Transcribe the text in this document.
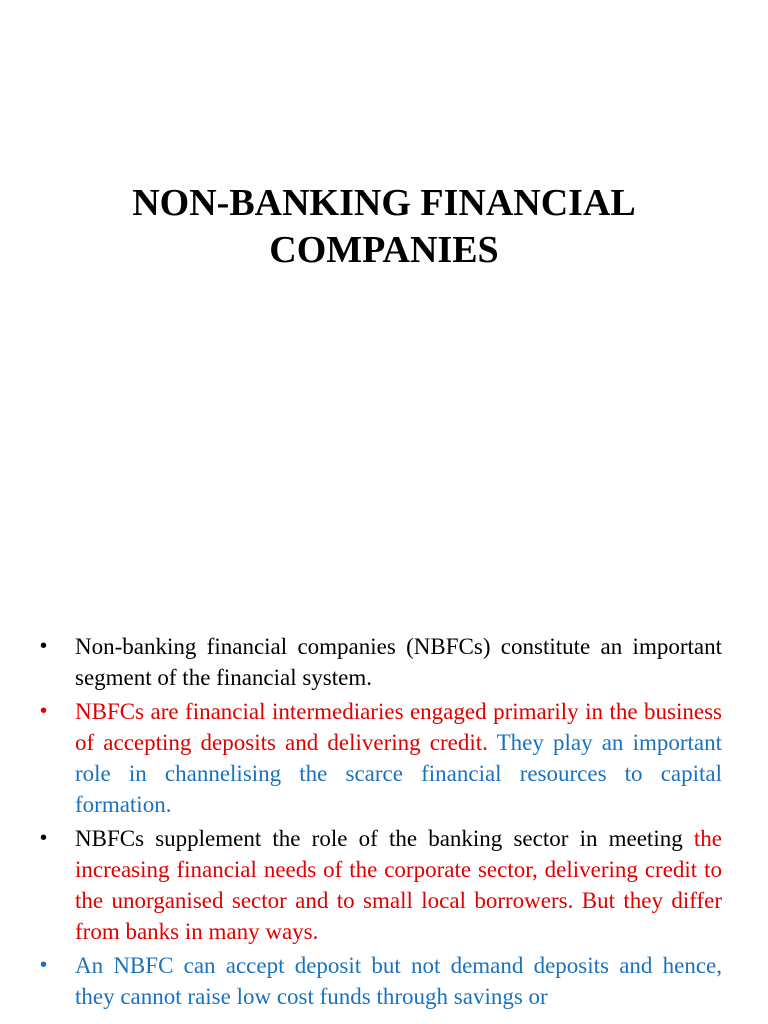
NON-BANKING FINANCIAL
COMPANIES
• Non-banking financial companies (NBFCs) constitute an important segment of the financial system.
• NBFCs are financial intermediaries engaged primarily in the business of accepting deposits and delivering credit. They play an important role in channelising the scarce financial resources to capital formation.
• NBFCs supplement the role of the banking sector in meeting the increasing financial needs of the corporate sector, delivering credit to the unorganised sector and to small local borrowers. But they differ from banks in many ways.
• An NBFC can accept deposit but not demand deposits and hence, they cannot raise low cost funds through savings or
